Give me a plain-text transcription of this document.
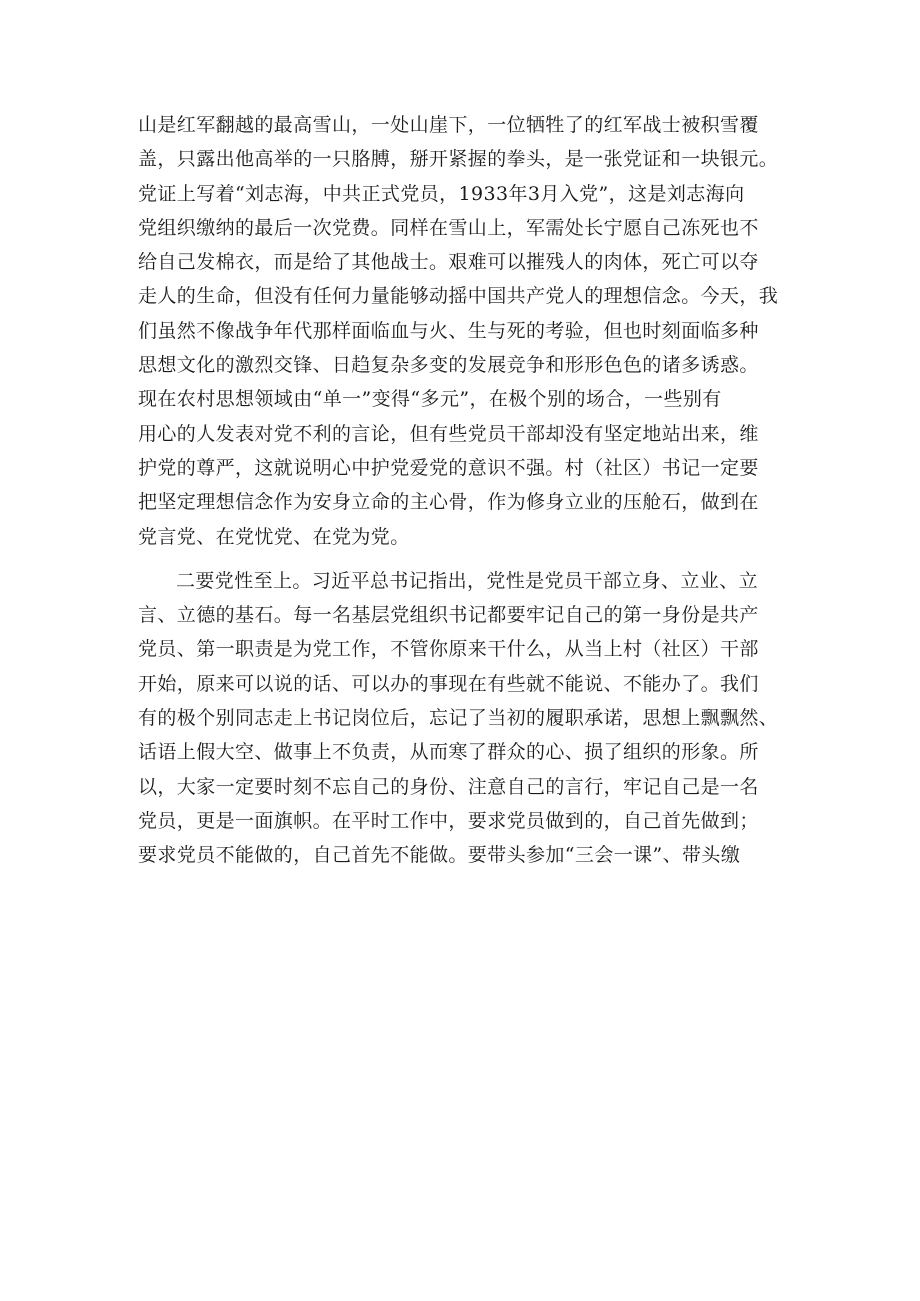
山是红军翻越的最高雪山，一处山崖下，一位牺牲了的红军战士被积雪覆
盖，只露出他高举的一只胳膊，掰开紧握的拳头，是一张党证和一块银元。
党证上写着“刘志海，中共正式党员，1933年3月入党”，这是刘志海向
党组织缴纳的最后一次党费。同样在雪山上，军需处长宁愿自己冻死也不
给自己发棉衣，而是给了其他战士。艰难可以摧残人的肉体，死亡可以夺
走人的生命，但没有任何力量能够动摇中国共产党人的理想信念。今天，我
们虽然不像战争年代那样面临血与火、生与死的考验，但也时刻面临多种
思想文化的激烈交锋、日趋复杂多变的发展竞争和形形色色的诸多诱惑。
现在农村思想领域由“单一”变得“多元”，在极个别的场合，一些别有
用心的人发表对党不利的言论，但有些党员干部却没有坚定地站出来，维
护党的尊严，这就说明心中护党爱党的意识不强。村（社区）书记一定要
把坚定理想信念作为安身立命的主心骨，作为修身立业的压舱石，做到在
党言党、在党忧党、在党为党。
二要党性至上。习近平总书记指出，党性是党员干部立身、立业、立
言、立德的基石。每一名基层党组织书记都要牢记自己的第一身份是共产
党员、第一职责是为党工作，不管你原来干什么，从当上村（社区）干部
开始，原来可以说的话、可以办的事现在有些就不能说、不能办了。我们
有的极个别同志走上书记岗位后，忘记了当初的履职承诺，思想上飘飘然、
话语上假大空、做事上不负责，从而寒了群众的心、损了组织的形象。所
以，大家一定要时刻不忘自己的身份、注意自己的言行，牢记自己是一名
党员，更是一面旗帜。在平时工作中，要求党员做到的，自己首先做到；
要求党员不能做的，自己首先不能做。要带头参加“三会一课”、带头缴
